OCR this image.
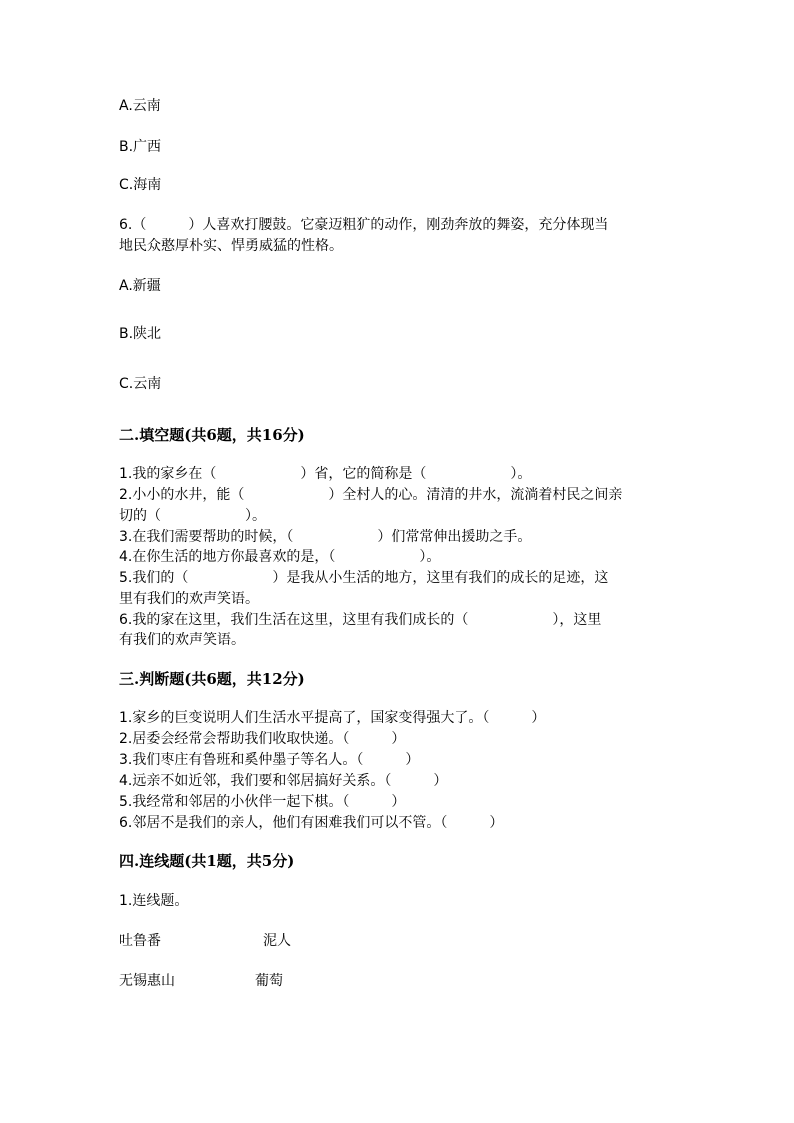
A.云南
B.广西
C.海南
6.（　　　）人喜欢打腰鼓。它豪迈粗犷的动作，刚劲奔放的舞姿，充分体现当
地民众憨厚朴实、悍勇威猛的性格。
A.新疆
B.陕北
C.云南
二.填空题(共6题，共16分)
1.我的家乡在（　　　　　　）省，它的简称是（　　　　　　）。
2.小小的水井，能（　　　　　　）全村人的心。清清的井水，流淌着村民之间亲
切的（　　　　　　）。
3.在我们需要帮助的时候，（　　　　　　）们常常伸出援助之手。
4.在你生活的地方你最喜欢的是，（　　　　　　）。
5.我们的（　　　　　　）是我从小生活的地方，这里有我们的成长的足迹，这
里有我们的欢声笑语。
6.我的家在这里，我们生活在这里，这里有我们成长的（　　　　　　），这里
有我们的欢声笑语。
三.判断题(共6题，共12分)
1.家乡的巨变说明人们生活水平提高了，国家变得强大了。（　　　）
2.居委会经常会帮助我们收取快递。（　　　）
3.我们枣庄有鲁班和奚仲墨子等名人。（　　　）
4.远亲不如近邻，我们要和邻居搞好关系。（　　　）
5.我经常和邻居的小伙伴一起下棋。（　　　）
6.邻居不是我们的亲人，他们有困难我们可以不管。（　　　）
四.连线题(共1题，共5分)
1.连线题。
吐鲁番	泥人
无锡惠山	葡萄
